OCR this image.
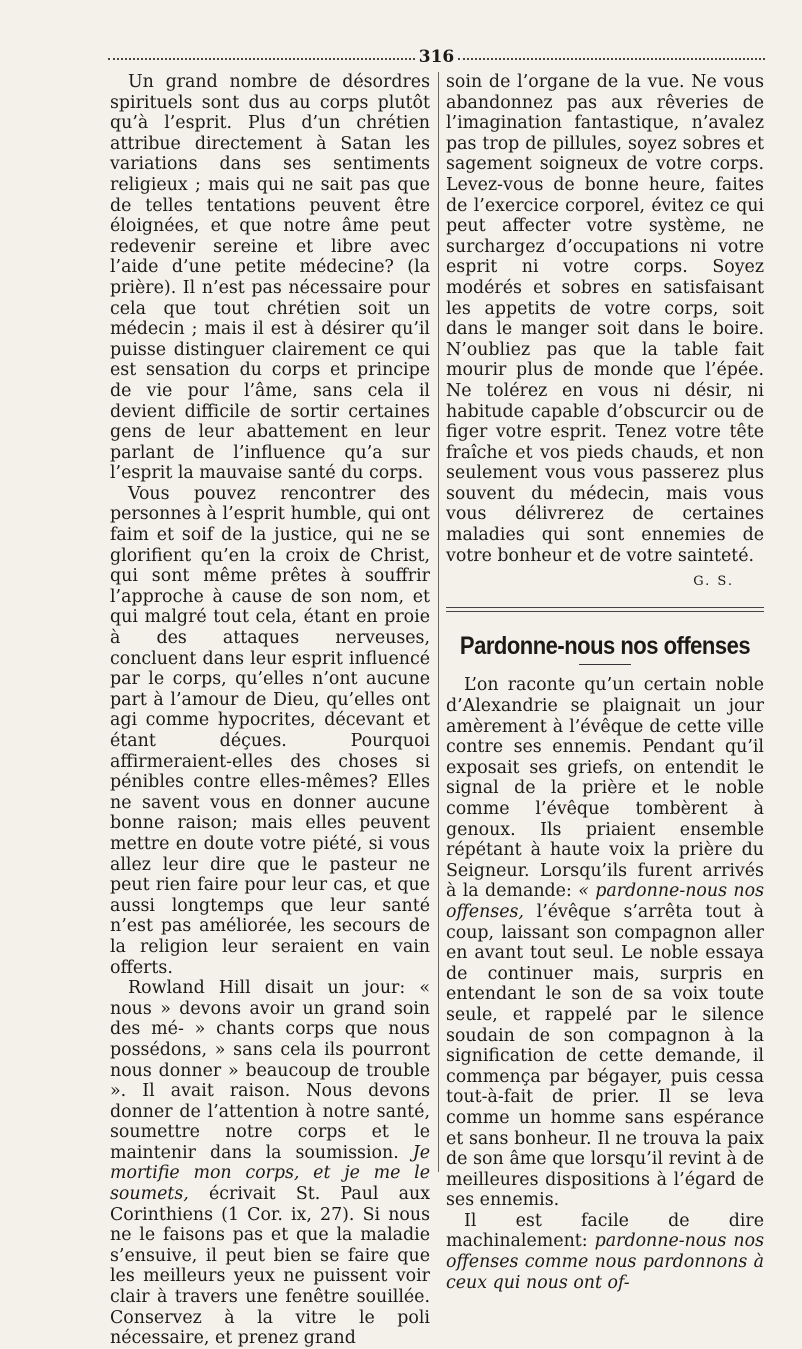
316

Un grand nombre de désordres spirituels sont dus au corps plutôt qu’à l’esprit. Plus d’un chrétien attribue directement à Satan les variations dans ses sentiments religieux ; mais qui ne sait pas que de telles tentations peuvent être éloignées, et que notre âme peut redevenir sereine et libre avec l’aide d’une petite médecine? (la prière). Il n’est pas nécessaire pour cela que tout chrétien soit un médecin ; mais il est à désirer qu’il puisse distinguer clairement ce qui est sensation du corps et principe de vie pour l’âme, sans cela il devient difficile de sortir certaines gens de leur abattement en leur parlant de l’influence qu’a sur l’esprit la mauvaise santé du corps.

Vous pouvez rencontrer des personnes à l’esprit humble, qui ont faim et soif de la justice, qui ne se glorifient qu’en la croix de Christ, qui sont même prêtes à souffrir l’approche à cause de son nom, et qui malgré tout cela, étant en proie à des attaques nerveuses, concluent dans leur esprit influencé par le corps, qu’elles n’ont aucune part à l’amour de Dieu, qu’elles ont agi comme hypocrites, décevant et étant déçues. Pourquoi affirmeraient-elles des choses si pénibles contre elles-mêmes? Elles ne savent vous en donner aucune bonne raison; mais elles peuvent mettre en doute votre piété, si vous allez leur dire que le pasteur ne peut rien faire pour leur cas, et que aussi longtemps que leur santé n’est pas améliorée, les secours de la religion leur seraient en vain offerts.

Rowland Hill disait un jour: « nous » devons avoir un grand soin des mé- » chants corps que nous possédons, » sans cela ils pourront nous donner » beaucoup de trouble ». Il avait raison. Nous devons donner de l’attention à notre santé, soumettre notre corps et le maintenir dans la soumission. Je mortifie mon corps, et je me le soumets, écrivait St. Paul aux Corinthiens (1 Cor. ix, 27). Si nous ne le faisons pas et que la maladie s’ensuive, il peut bien se faire que les meilleurs yeux ne puissent voir clair à travers une fenêtre souillée. Conservez à la vitre le poli nécessaire, et prenez grand

soin de l’organe de la vue. Ne vous abandonnez pas aux rêveries de l’imagination fantastique, n’avalez pas trop de pillules, soyez sobres et sagement soigneux de votre corps. Levez-vous de bonne heure, faites de l’exercice corporel, évitez ce qui peut affecter votre système, ne surchargez d’occupations ni votre esprit ni votre corps. Soyez modérés et sobres en satisfaisant les appetits de votre corps, soit dans le manger soit dans le boire. N’oubliez pas que la table fait mourir plus de monde que l’épée. Ne tolérez en vous ni désir, ni habitude capable d’obscurcir ou de figer votre esprit. Tenez votre tête fraîche et vos pieds chauds, et non seulement vous vous passerez plus souvent du médecin, mais vous vous délivrerez de certaines maladies qui sont ennemies de votre bonheur et de votre sainteté.

G. S.
Pardonne-nous nos offenses

L’on raconte qu’un certain noble d’Alexandrie se plaignait un jour amèrement à l’évêque de cette ville contre ses ennemis. Pendant qu’il exposait ses griefs, on entendit le signal de la prière et le noble comme l’évêque tombèrent à genoux. Ils priaient ensemble répétant à haute voix la prière du Seigneur. Lorsqu’ils furent arrivés à la demande: « pardonne-nous nos offenses, l’évêque s’arrêta tout à coup, laissant son compagnon aller en avant tout seul. Le noble essaya de continuer mais, surpris en entendant le son de sa voix toute seule, et rappelé par le silence soudain de son compagnon à la signification de cette demande, il commença par bégayer, puis cessa tout-à-fait de prier. Il se leva comme un homme sans espérance et sans bonheur. Il ne trouva la paix de son âme que lorsqu’il revint à de meilleures dispositions à l’égard de ses ennemis.

Il est facile de dire machinalement: pardonne-nous nos offenses comme nous pardonnons à ceux qui nous ont of-
